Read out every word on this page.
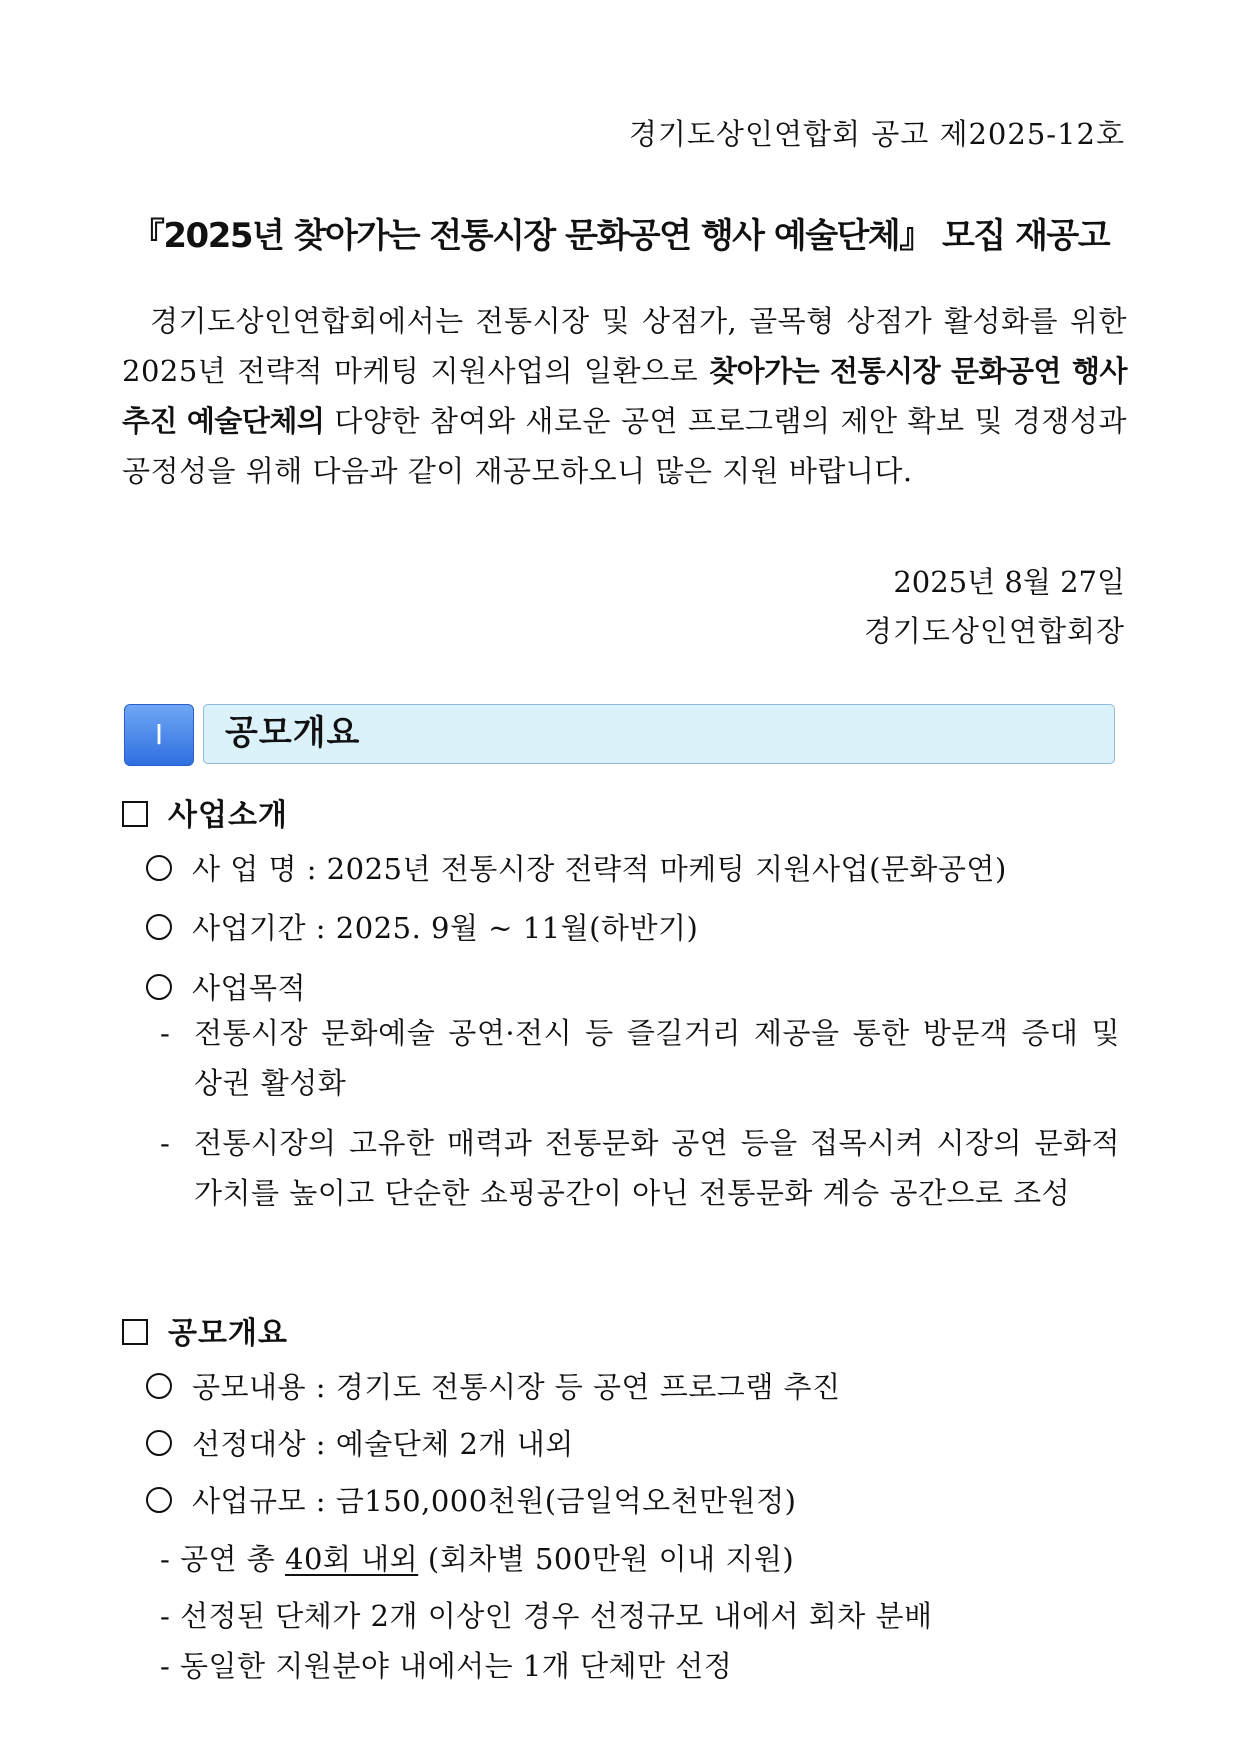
경기도상인연합회 공고 제2025-12호
『2025년 찾아가는 전통시장 문화공연 행사 예술단체』 모집 재공고
경기도상인연합회에서는 전통시장 및 상점가, 골목형 상점가 활성화를 위한 2025년 전략적 마케팅 지원사업의 일환으로 찾아가는 전통시장 문화공연 행사 추진 예술단체의 다양한 참여와 새로운 공연 프로그램의 제안 확보 및 경쟁성과 공정성을 위해 다음과 같이 재공모하오니 많은 지원 바랍니다.
2025년 8월 27일
경기도상인연합회장
I	공모개요
사업소개
사 업 명 : 2025년 전통시장 전략적 마케팅 지원사업(문화공연)
사업기간 : 2025. 9월 ~ 11월(하반기)
사업목적
- 전통시장 문화예술 공연·전시 등 즐길거리 제공을 통한 방문객 증대 및 상권 활성화
- 전통시장의 고유한 매력과 전통문화 공연 등을 접목시켜 시장의 문화적 가치를 높이고 단순한 쇼핑공간이 아닌 전통문화 계승 공간으로 조성
공모개요
공모내용 : 경기도 전통시장 등 공연 프로그램 추진
선정대상 : 예술단체 2개 내외
사업규모 : 금150,000천원(금일억오천만원정)
- 공연 총 40회 내외 (회차별 500만원 이내 지원)
- 선정된 단체가 2개 이상인 경우 선정규모 내에서 회차 분배
- 동일한 지원분야 내에서는 1개 단체만 선정
